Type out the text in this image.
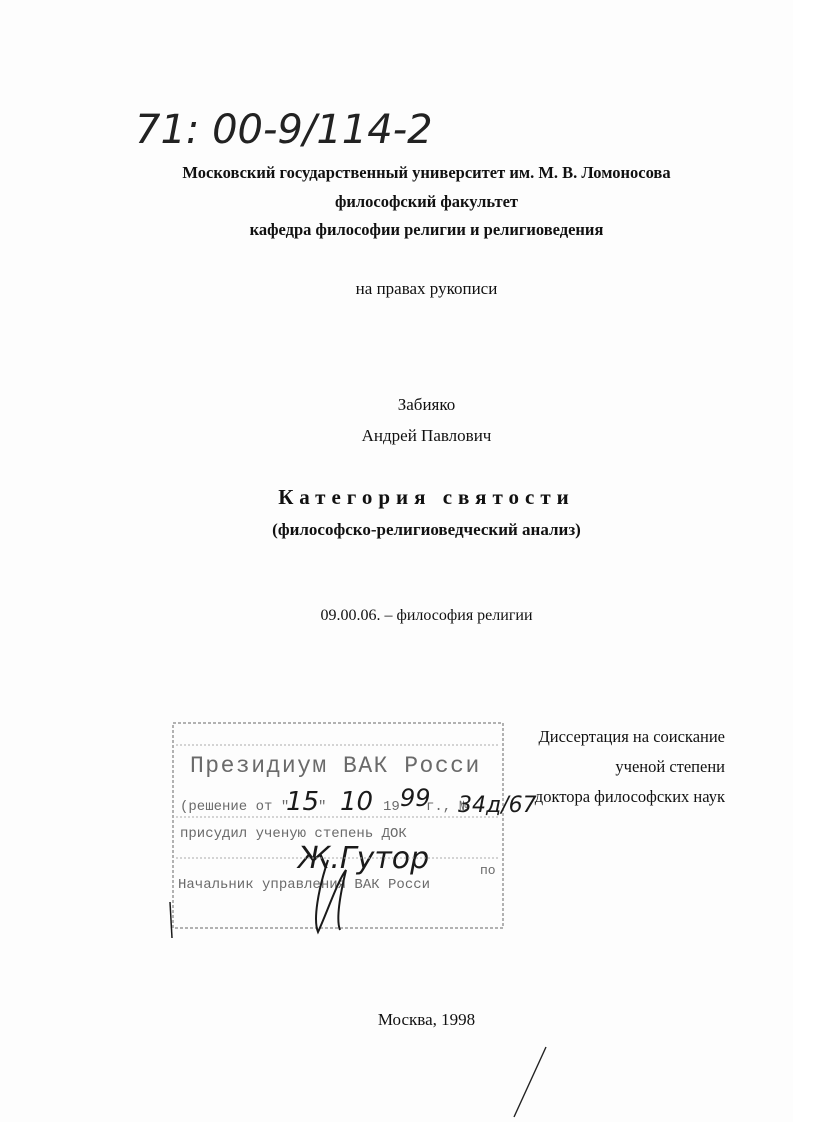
71: 00-9/114-2
Московский государственный университет им. М. В. Ломоносова
философский факультет
кафедра философии религии и религиоведения
на правах рукописи
Забияко
Андрей Павлович
Категория святости
(философско-религиоведческий анализ)
09.00.06. – философия религии
Диссертация на соискание
ученой степени
доктора философских наук
Президиум ВАК Росси
(решение от "
15
" 10 19 99
г., №
34д/67
присудил ученую степень ДОК
Ж.Гутор	по
Начальник управления ВАК Росси
Москва, 1998
